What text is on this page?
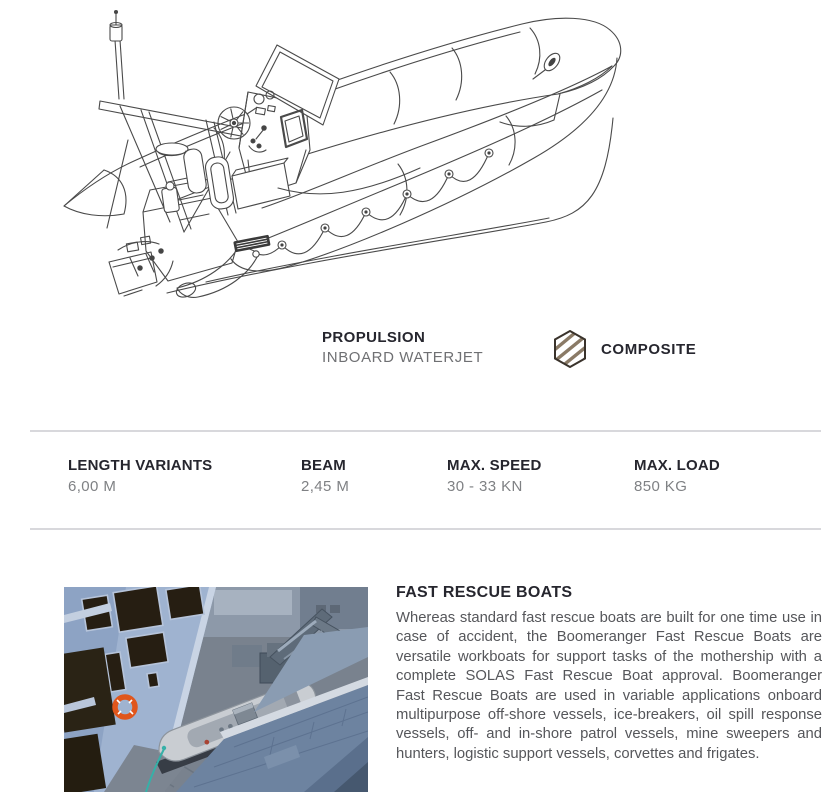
PROPULSION
INBOARD WATERJET	COMPOSITE
LENGTH VARIANTS
6,00 M
BEAM
2,45 M
MAX. SPEED
30 - 33 KN
MAX. LOAD
850 KG
FAST RESCUE BOATS

Whereas standard fast rescue boats are built for one time use in case of accident, the Boomeranger Fast Rescue Boats are versatile workboats for support tasks of the mothership with a complete SOLAS Fast Rescue Boat approval. Boomeranger Fast Rescue Boats are used in variable applications onboard multipurpose off-shore vessels, ice-breakers, oil spill response vessels, off- and in-shore patrol vessels, mine sweepers and hunters, logistic support vessels, corvettes and frigates.
